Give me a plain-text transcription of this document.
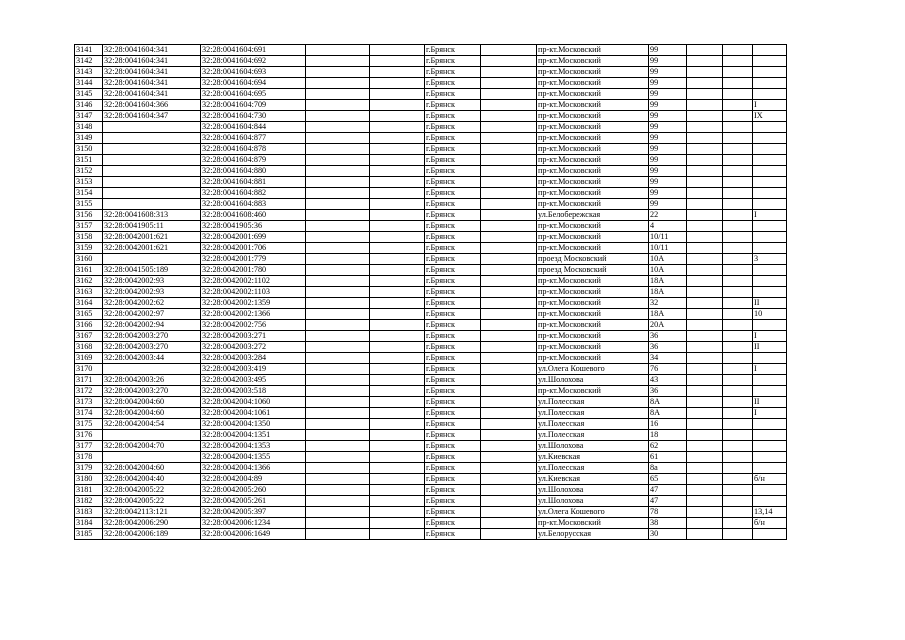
3141	32:28:0041604:341	32:28:0041604:691			г.Брянск		пр-кт.Московский	99			
3142	32:28:0041604:341	32:28:0041604:692			г.Брянск		пр-кт.Московский	99			
3143	32:28:0041604:341	32:28:0041604:693			г.Брянск		пр-кт.Московский	99			
3144	32:28:0041604:341	32:28:0041604:694			г.Брянск		пр-кт.Московский	99			
3145	32:28:0041604:341	32:28:0041604:695			г.Брянск		пр-кт.Московский	99			
3146	32:28:0041604:366	32:28:0041604:709			г.Брянск		пр-кт.Московский	99			I
3147	32:28:0041604:347	32:28:0041604:730			г.Брянск		пр-кт.Московский	99			IX
3148		32:28:0041604:844			г.Брянск		пр-кт.Московский	99			
3149		32:28:0041604:877			г.Брянск		пр-кт.Московский	99			
3150		32:28:0041604:878			г.Брянск		пр-кт.Московский	99			
3151		32:28:0041604:879			г.Брянск		пр-кт.Московский	99			
3152		32:28:0041604:880			г.Брянск		пр-кт.Московский	99			
3153		32:28:0041604:881			г.Брянск		пр-кт.Московский	99			
3154		32:28:0041604:882			г.Брянск		пр-кт.Московский	99			
3155		32:28:0041604:883			г.Брянск		пр-кт.Московский	99			
3156	32:28:0041608:313	32:28:0041608:460			г.Брянск		ул.Белобережская	22			I
3157	32:28:0041905:11	32:28:0041905:36			г.Брянск		пр-кт.Московский	4			
3158	32:28:0042001:621	32:28:0042001:699			г.Брянск		пр-кт.Московский	10/11			
3159	32:28:0042001:621	32:28:0042001:706			г.Брянск		пр-кт.Московский	10/11			
3160		32:28:0042001:779			г.Брянск		проезд Московский	10А			3
3161	32:28:0041505:189	32:28:0042001:780			г.Брянск		проезд Московский	10А			
3162	32:28:0042002:93	32:28:0042002:1102			г.Брянск		пр-кт.Московский	18А			
3163	32:28:0042002:93	32:28:0042002:1103			г.Брянск		пр-кт.Московский	18А			
3164	32:28:0042002:62	32:28:0042002:1359			г.Брянск		пр-кт.Московский	32			II
3165	32:28:0042002:97	32:28:0042002:1366			г.Брянск		пр-кт.Московский	18А			10
3166	32:28:0042002:94	32:28:0042002:756			г.Брянск		пр-кт.Московский	20А			
3167	32:28:0042003:270	32:28:0042003:271			г.Брянск		пр-кт.Московский	36			I
3168	32:28:0042003:270	32:28:0042003:272			г.Брянск		пр-кт.Московский	36			II
3169	32:28:0042003:44	32:28:0042003:284			г.Брянск		пр-кт.Московский	34			
3170		32:28:0042003:419			г.Брянск		ул.Олега Кошевого	76			I
3171	32:28:0042003:26	32:28:0042003:495			г.Брянск		ул.Шолохова	43			
3172	32:28:0042003:270	32:28:0042003:518			г.Брянск		пр-кт.Московский	36			
3173	32:28:0042004:60	32:28:0042004:1060			г.Брянск		ул.Полесская	8А			II
3174	32:28:0042004:60	32:28:0042004:1061			г.Брянск		ул.Полесская	8А			I
3175	32:28:0042004:54	32:28:0042004:1350			г.Брянск		ул.Полесская	16			
3176		32:28:0042004:1351			г.Брянск		ул.Полесская	18			
3177	32:28:0042004:70	32:28:0042004:1353			г.Брянск		ул.Шолохова	62			
3178		32:28:0042004:1355			г.Брянск		ул.Киевская	61			
3179	32:28:0042004:60	32:28:0042004:1366			г.Брянск		ул.Полесская	8а			
3180	32:28:0042004:40	32:28:0042004:89			г.Брянск		ул.Киевская	65			б/н
3181	32:28:0042005:22	32:28:0042005:260			г.Брянск		ул.Шолохова	47			
3182	32:28:0042005:22	32:28:0042005:261			г.Брянск		ул.Шолохова	47			
3183	32:28:0042113:121	32:28:0042005:397			г.Брянск		ул.Олега Кошевого	78			13,14
3184	32:28:0042006:290	32:28:0042006:1234			г.Брянск		пр-кт.Московский	38			б/н
3185	32:28:0042006:189	32:28:0042006:1649			г.Брянск		ул.Белорусская	30			
